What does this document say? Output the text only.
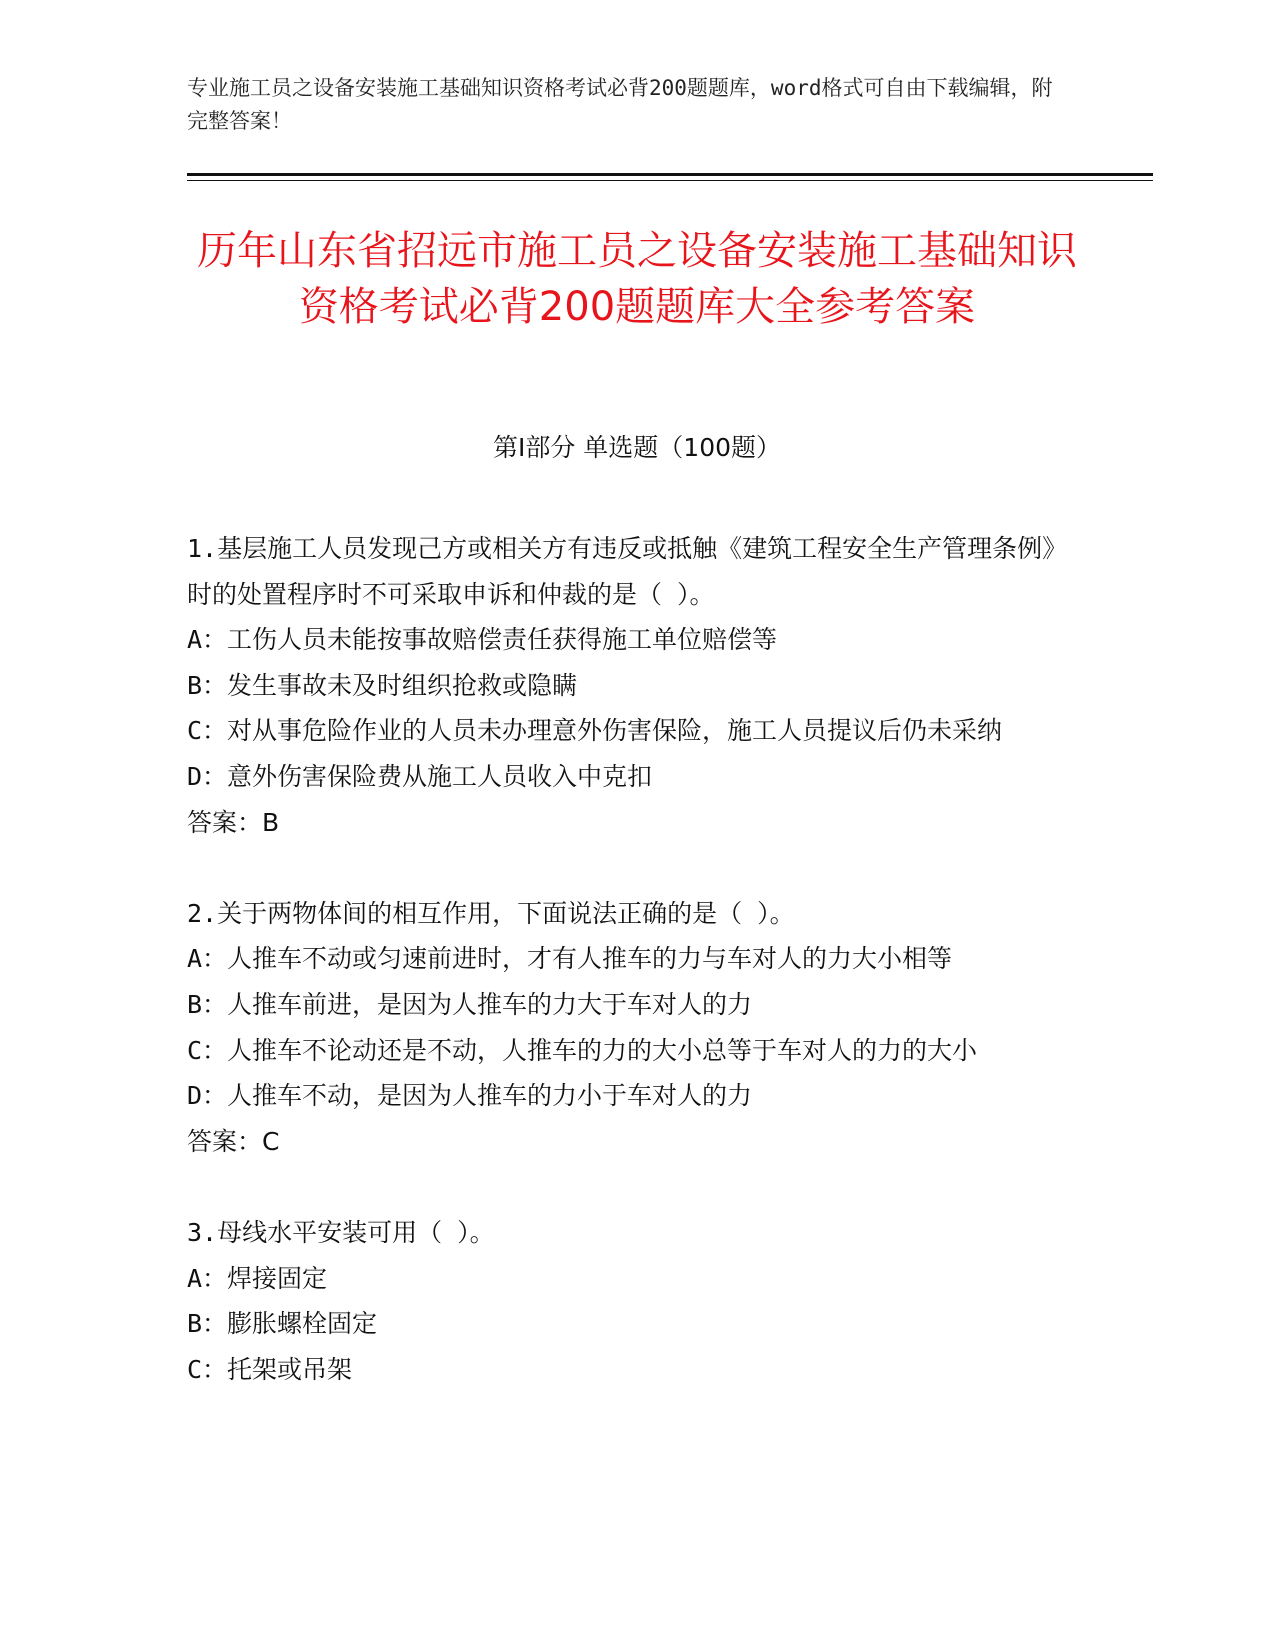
专业施工员之设备安装施工基础知识资格考试必背200题题库，word格式可自由下载编辑，附完整答案！
历年山东省招远市施工员之设备安装施工基础知识资格考试必背200题题库大全参考答案
第Ⅰ部分 单选题（100题）

1.基层施工人员发现己方或相关方有违反或抵触《建筑工程安全生产管理条例》时的处置程序时不可采取申诉和仲裁的是（ ）。

A：工伤人员未能按事故赔偿责任获得施工单位赔偿等

B：发生事故未及时组织抢救或隐瞒

C：对从事危险作业的人员未办理意外伤害保险，施工人员提议后仍未采纳

D：意外伤害保险费从施工人员收入中克扣

答案：B

2.关于两物体间的相互作用，下面说法正确的是（ ）。

A：人推车不动或匀速前进时，才有人推车的力与车对人的力大小相等

B：人推车前进，是因为人推车的力大于车对人的力

C：人推车不论动还是不动，人推车的力的大小总等于车对人的力的大小

D：人推车不动，是因为人推车的力小于车对人的力

答案：C

3.母线水平安装可用（ ）。

A：焊接固定

B：膨胀螺栓固定

C：托架或吊架
